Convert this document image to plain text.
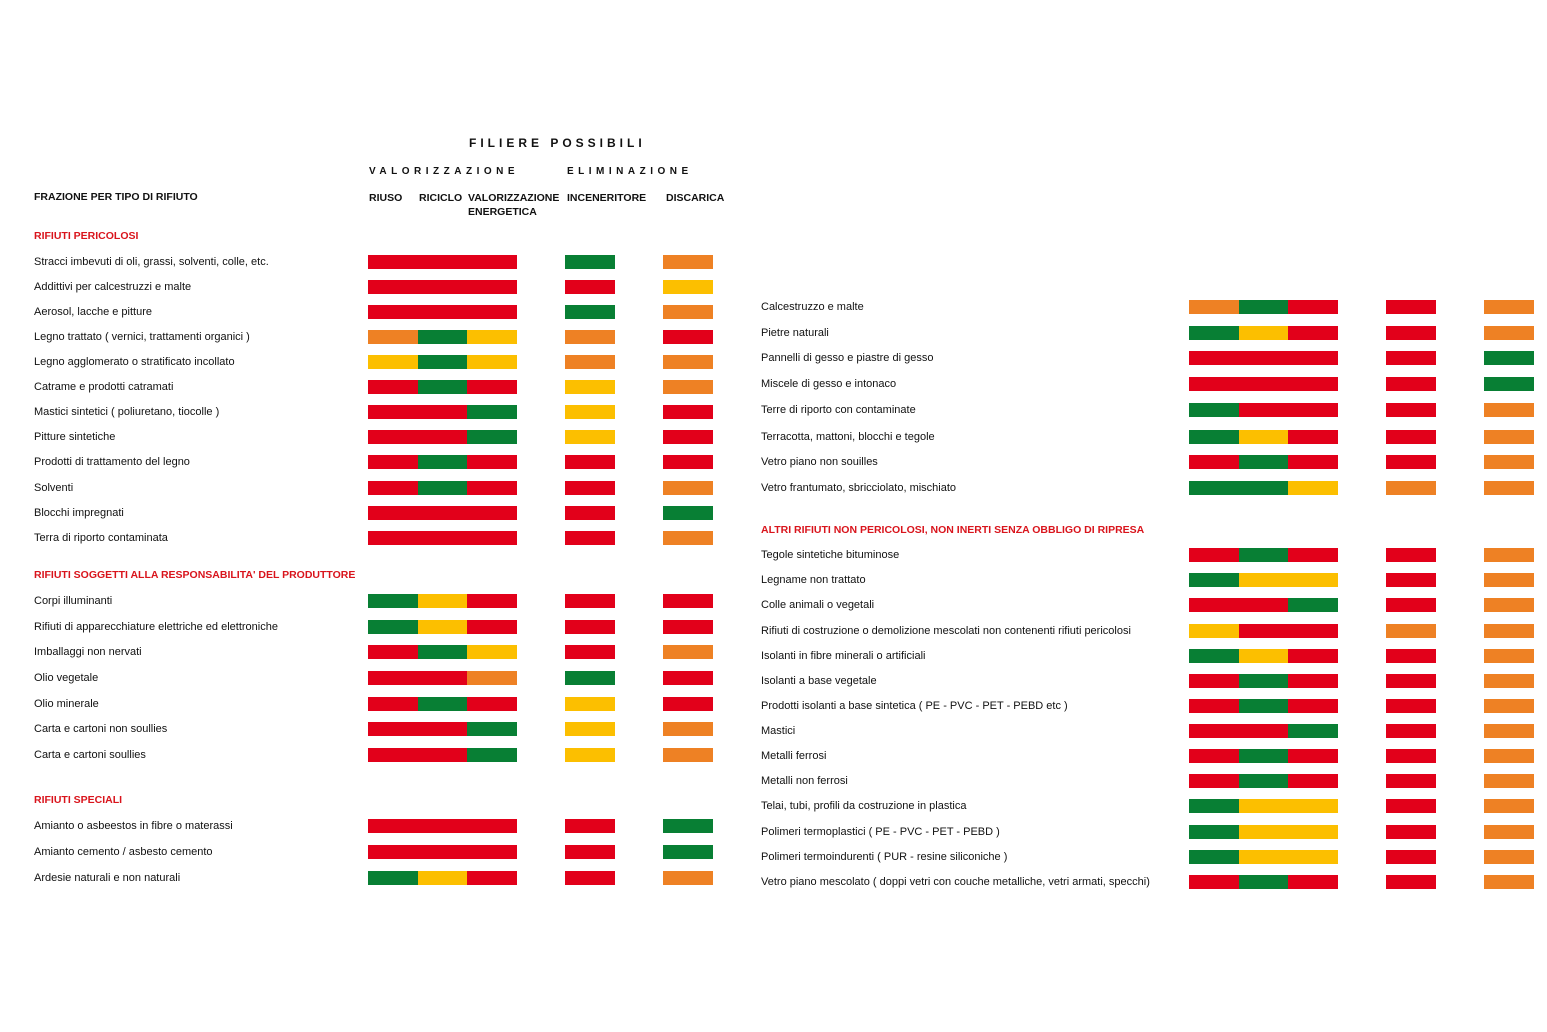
FILIERE POSSIBILI
VALORIZZAZIONE	ELIMINAZIONE
FRAZIONE PER TIPO DI RIFIUTO	RIUSO RICICLO VALORIZZAZIONE
ENERGETICA
INCENERITORE DISCARICA
RIFIUTI PERICOLOSI
Stracci imbevuti di oli, grassi, solventi, colle, etc.
Addittivi per calcestruzzi e malte
Aerosol, lacche e pitture
Legno trattato ( vernici, trattamenti organici )
Legno agglomerato o stratificato incollato
Catrame e prodotti catramati
Mastici sintetici ( poliuretano, tiocolle )
Pitture sintetiche
Prodotti di trattamento del legno
Solventi
Blocchi impregnati
Terra di riporto contaminata
RIFIUTI SOGGETTI ALLA RESPONSABILITA' DEL PRODUTTORE
Corpi illuminanti
Rifiuti di apparecchiature elettriche ed elettroniche
Imballaggi non nervati
Olio vegetale
Olio minerale
Carta e cartoni non soullies
Carta e cartoni soullies
RIFIUTI SPECIALI
Amianto o asbeestos in fibre o materassi
Amianto cemento / asbesto cemento
Ardesie naturali e non naturali
Calcestruzzo e malte
Pietre naturali
Pannelli di gesso e piastre di gesso
Miscele di gesso e intonaco
Terre di riporto con contaminate
Terracotta, mattoni, blocchi e tegole
Vetro piano non souilles
Vetro frantumato, sbricciolato, mischiato
ALTRI RIFIUTI NON PERICOLOSI, NON INERTI SENZA OBBLIGO DI RIPRESA
Tegole sintetiche bituminose
Legname non trattato
Colle animali o vegetali
Rifiuti di costruzione o demolizione mescolati non contenenti rifiuti pericolosi
Isolanti in fibre minerali o artificiali
Isolanti a base vegetale
Prodotti isolanti a base sintetica ( PE - PVC - PET - PEBD etc )
Mastici
Metalli ferrosi
Metalli non ferrosi
Telai, tubi, profili da costruzione in plastica
Polimeri termoplastici ( PE - PVC - PET - PEBD )
Polimeri termoindurenti ( PUR - resine siliconiche )
Vetro piano mescolato ( doppi vetri con couche metalliche, vetri armati, specchi)
